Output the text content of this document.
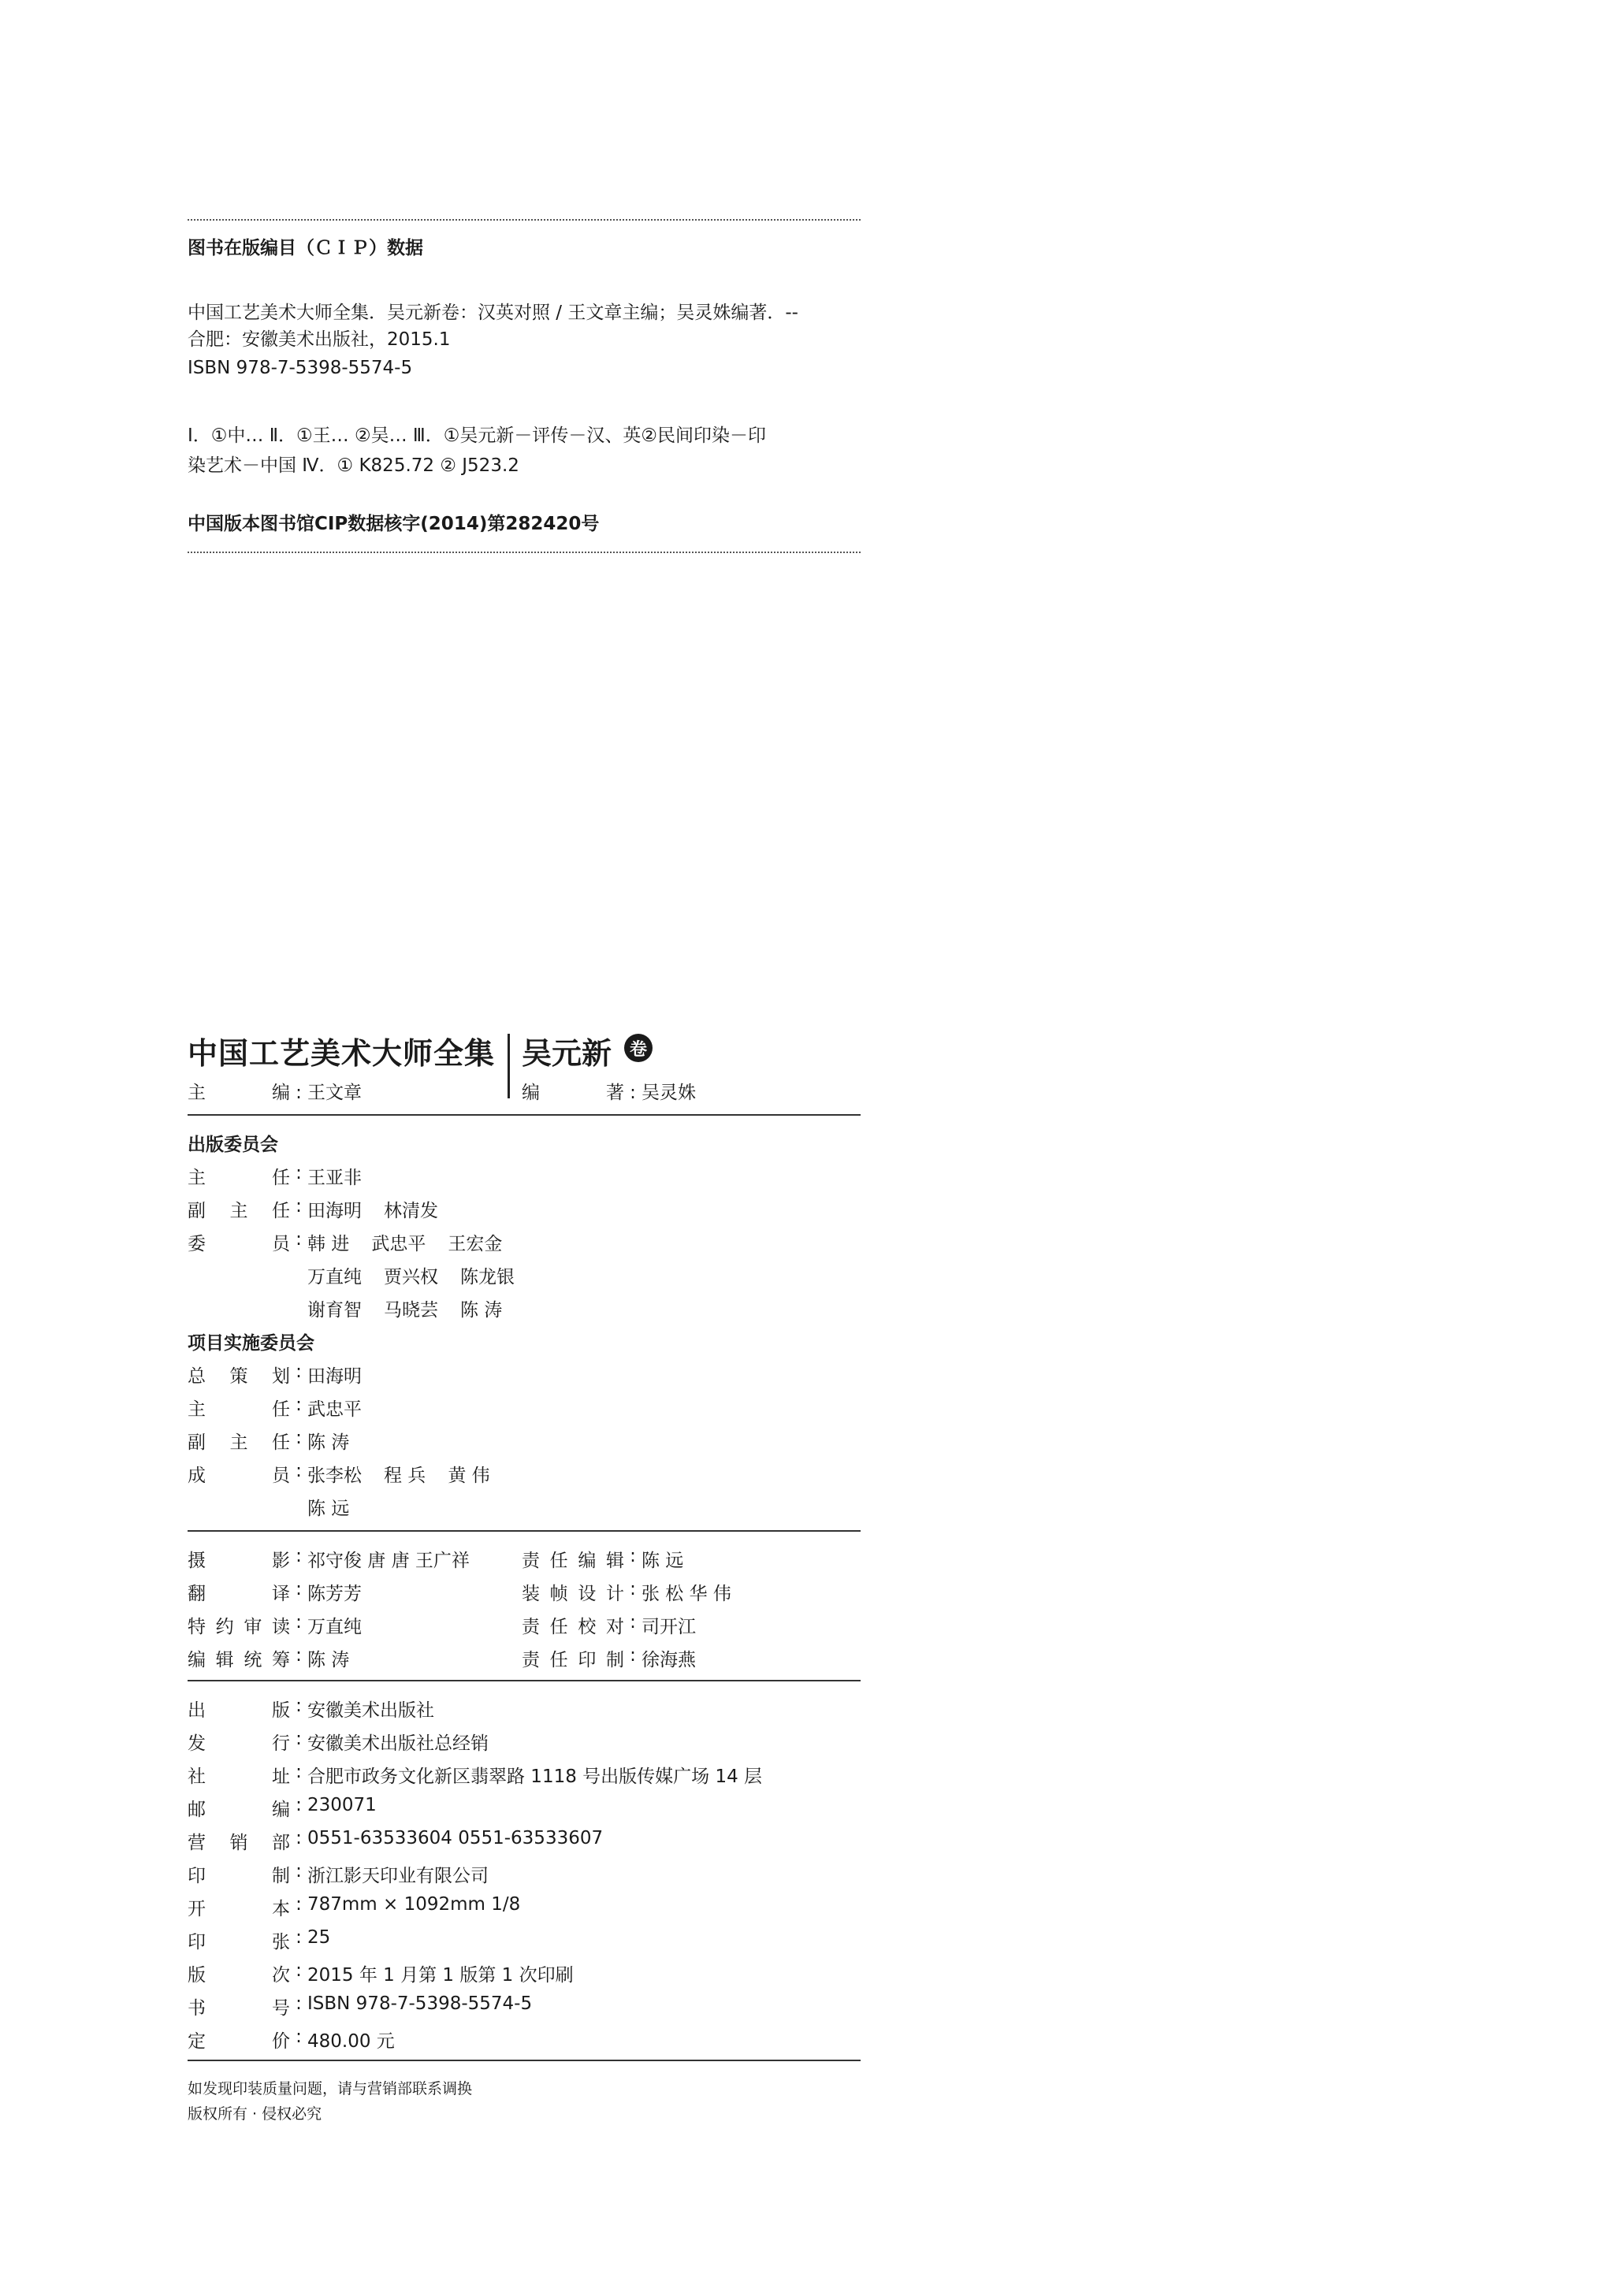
图书在版编目（ＣＩＰ）数据
中国工艺美术大师全集．吴元新卷：汉英对照 / 王文章主编；吴灵姝编著．--
合肥：安徽美术出版社，2015.1
ISBN 978-7-5398-5574-5
Ⅰ．①中… Ⅱ．①王… ②吴… Ⅲ．①吴元新－评传－汉、英②民间印染－印
染艺术－中国 Ⅳ．① K825.72 ② J523.2
中国版本图书馆CIP数据核字(2014)第282420号
中国工艺美术大师全集 吴元新	卷
主 编 : 王文章	编 著 : 吴灵姝
出版委员会
主任 : 王亚非
副主任 : 田海明 林清发
委员 : 韩 进 武忠平 王宏金
万直纯 贾兴权 陈龙银
谢育智 马晓芸 陈 涛
项目实施委员会
总策划 : 田海明
主任 : 武忠平
副主任 : 陈 涛
成员 : 张李松 程 兵 黄 伟
陈 远
摄影 : 祁守俊 唐 唐 王广祥
翻译 : 陈芳芳
特约审读 : 万直纯
编辑统筹 : 陈 涛
责任编辑 : 陈 远
装帧设计 : 张 松 华 伟
责任校对 : 司开江
责任印制 : 徐海燕
出版 : 安徽美术出版社
发行 : 安徽美术出版社总经销
社址 : 合肥市政务文化新区翡翠路 1118 号出版传媒广场 14 层
邮编 : 230071
营销部 : 0551-63533604 0551-63533607
印制 : 浙江影天印业有限公司
开本 : 787mm × 1092mm 1/8
印张 : 25
版次 : 2015 年 1 月第 1 版第 1 次印刷
书号 : ISBN 978-7-5398-5574-5
定价 : 480.00 元
如发现印装质量问题，请与营销部联系调换
版权所有 · 侵权必究
